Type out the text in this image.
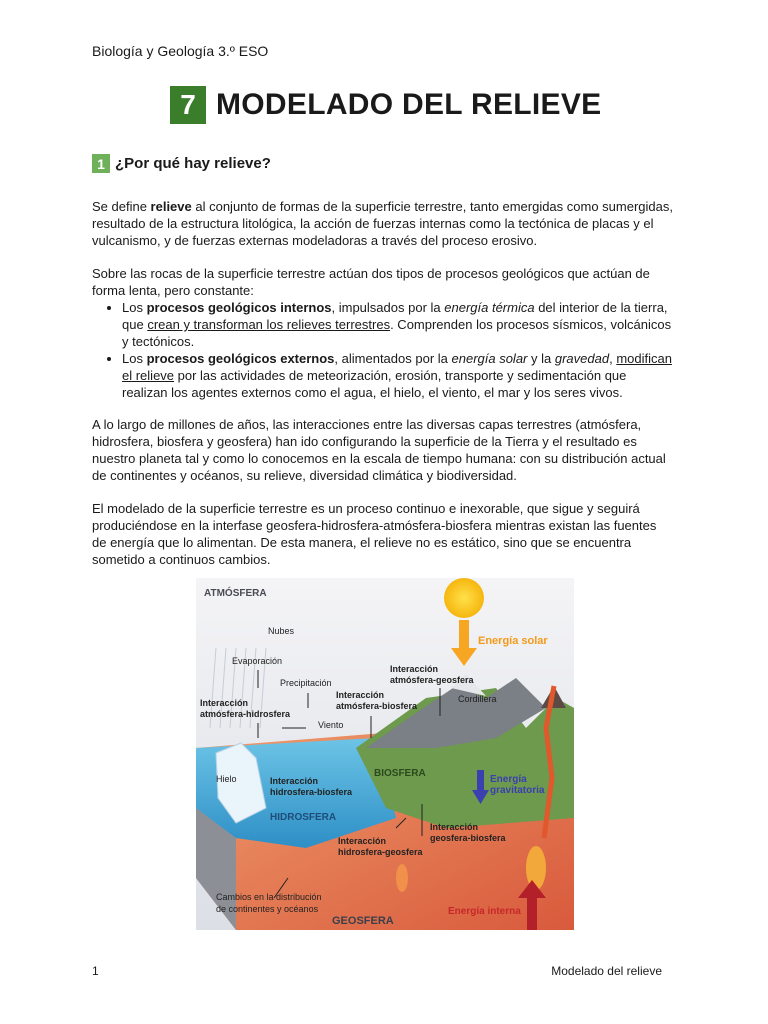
Biología y Geología 3.º ESO
7 MODELADO DEL RELIEVE
1 ¿Por qué hay relieve?

Se define relieve al conjunto de formas de la superficie terrestre, tanto emergidas como sumergidas, resultado de la estructura litológica, la acción de fuerzas internas como la tectónica de placas y el vulcanismo, y de fuerzas externas modeladoras a través del proceso erosivo.

Sobre las rocas de la superficie terrestre actúan dos tipos de procesos geológicos que actúan de forma lenta, pero constante:

• Los procesos geológicos internos, impulsados por la energía térmica del interior de la tierra, que crean y transforman los relieves terrestres. Comprenden los procesos sísmicos, volcánicos y tectónicos.
• Los procesos geológicos externos, alimentados por la energía solar y la gravedad, modifican el relieve por las actividades de meteorización, erosión, transporte y sedimentación que realizan los agentes externos como el agua, el hielo, el viento, el mar y los seres vivos.

A lo largo de millones de años, las interacciones entre las diversas capas terrestres (atmósfera, hidrosfera, biosfera y geosfera) han ido configurando la superficie de la Tierra y el resultado es nuestro planeta tal y como lo conocemos en la escala de tiempo humana: con su distribución actual de continentes y océanos, su relieve, diversidad climática y biodiversidad.

El modelado de la superficie terrestre es un proceso continuo e inexorable, que sigue y seguirá produciéndose en la interfase geosfera-hidrosfera-atmósfera-biosfera mientras existan las fuentes de energía que lo alimentan. De esta manera, el relieve no es estático, sino que se encuentra sometido a continuos cambios.

ATMÓSFERA
Nubes
Evaporación
Precipitación
Interacción
atmósfera-hidrosfera
Interacción
atmósfera-biosfera
Interacción
atmósfera-geosfera
Viento
Cordillera
Energía solar
Hielo	Interacción
hidrosfera-biosfera
BIOSFERA
Energía
gravitatoria
HIDROSFERA
Interacción
geosfera-biosfera
Interacción
hidrosfera-geosfera
Cambios en la distribución
de continentes y océanos
GEOSFERA
Energía interna
1	Modelado del relieve
